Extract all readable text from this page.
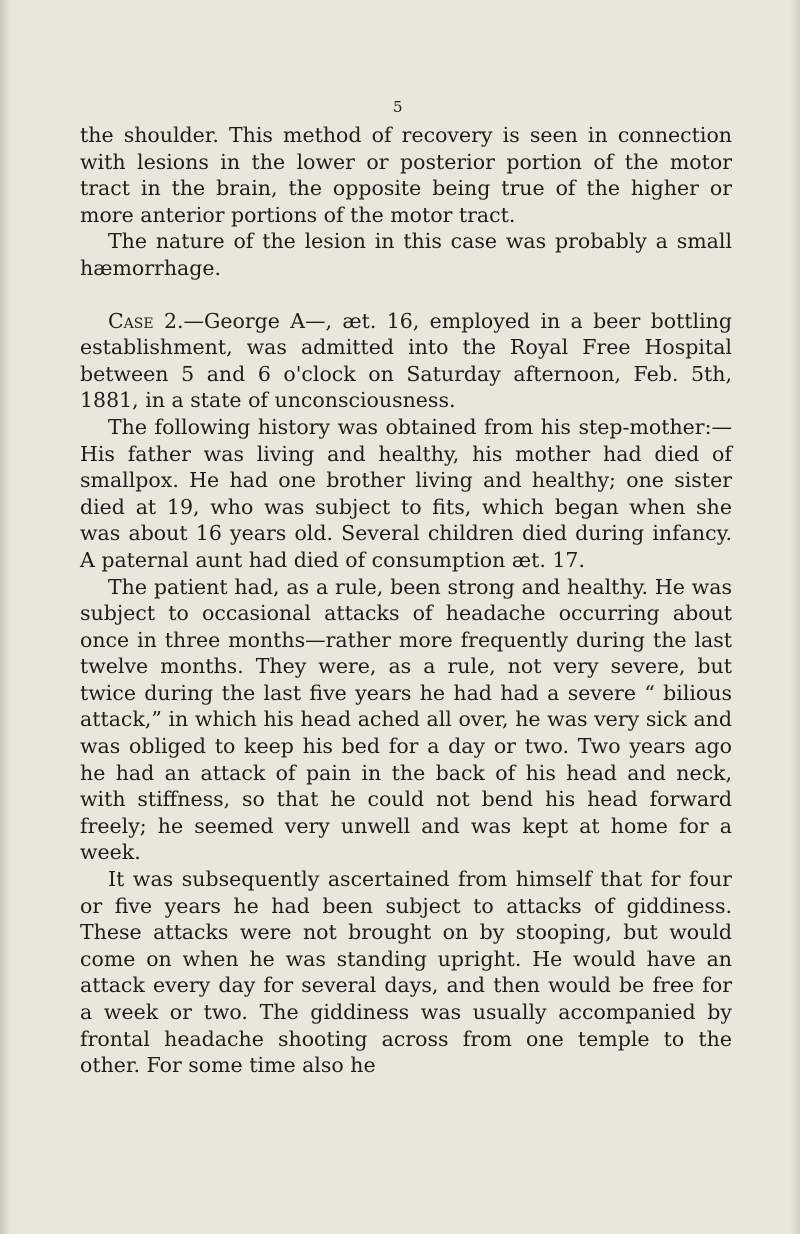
5

the shoulder. This method of recovery is seen in connection with lesions in the lower or posterior portion of the motor tract in the brain, the opposite being true of the higher or more anterior portions of the motor tract.

The nature of the lesion in this case was probably a small hæmorrhage.

Case 2.—George A—, æt. 16, employed in a beer bottling establishment, was admitted into the Royal Free Hospital between 5 and 6 o'clock on Saturday afternoon, Feb. 5th, 1881, in a state of unconsciousness.

The following history was obtained from his step-mother:—His father was living and healthy, his mother had died of smallpox. He had one brother living and healthy; one sister died at 19, who was subject to fits, which began when she was about 16 years old. Several children died during infancy. A paternal aunt had died of consumption æt. 17.

The patient had, as a rule, been strong and healthy. He was subject to occasional attacks of headache occurring about once in three months—rather more frequently during the last twelve months. They were, as a rule, not very severe, but twice during the last five years he had had a severe “ bilious attack,” in which his head ached all over, he was very sick and was obliged to keep his bed for a day or two. Two years ago he had an attack of pain in the back of his head and neck, with stiffness, so that he could not bend his head forward freely; he seemed very unwell and was kept at home for a week.

It was subsequently ascertained from himself that for four or five years he had been subject to attacks of giddiness. These attacks were not brought on by stooping, but would come on when he was standing upright. He would have an attack every day for several days, and then would be free for a week or two. The giddiness was usually accompanied by frontal headache shooting across from one temple to the other. For some time also he
